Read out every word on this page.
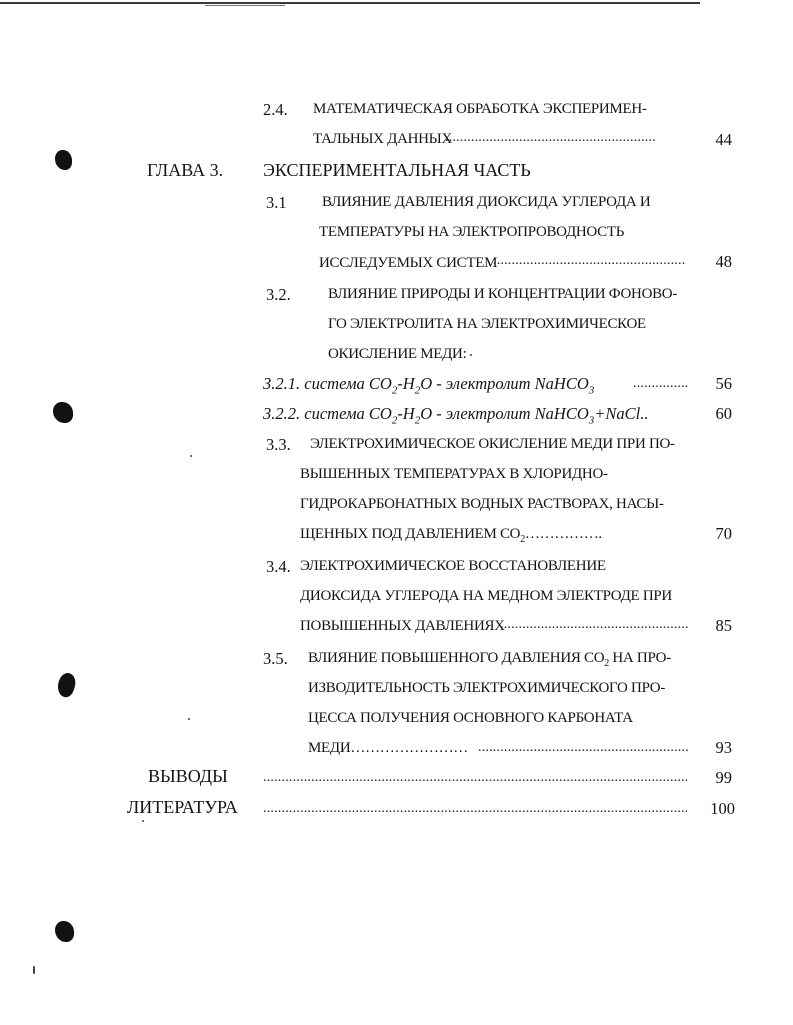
2.4. МАТЕМАТИЧЕСКАЯ ОБРАБОТКА ЭКСПЕРИМЕН-
ТАЛЬНЫХ ДАННЫХ .....	44
ГЛАВА 3. ЭКСПЕРИМЕНТАЛЬНАЯ ЧАСТЬ
3.1 ВЛИЯНИЕ ДАВЛЕНИЯ ДИОКСИДА УГЛЕРОДА И
ТЕМПЕРАТУРЫ НА ЭЛЕКТРОПРОВОДНОСТЬ
ИССЛЕДУЕМЫХ СИСТЕМ .....	48
3.2. ВЛИЯНИЕ ПРИРОДЫ И КОНЦЕНТРАЦИИ ФОНОВО-
ГО ЭЛЕКТРОЛИТА НА ЭЛЕКТРОХИМИЧЕСКОЕ
ОКИСЛЕНИЕ МЕДИ:
3.2.1. система $CO_2-H_2O$ - электролит NaHCO$_3$ .....	56
3.2.2. система $CO_2-H_2O$ - электролит NaHCO$_3$+NaCl..	60
3.3. ЭЛЕКТРОХИМИЧЕСКОЕ ОКИСЛЕНИЕ МЕДИ ПРИ ПО-
ВЫШЕННЫХ ТЕМПЕРАТУРАХ В ХЛОРИДНО-
ГИДРОКАРБОНАТНЫХ ВОДНЫХ РАСТВОРАХ, НАСЫ-
ЩЕННЫХ ПОД ДАВЛЕНИЕМ $CO_2\dots\dots\dots\dots\dots$.	70
3.4. ЭЛЕКТРОХИМИЧЕСКОЕ ВОССТАНОВЛЕНИЕ
ДИОКСИДА УГЛЕРОДА НА МЕДНОМ ЭЛЕКТРОДЕ ПРИ
ПОВЫШЕННЫХ ДАВЛЕНИЯХ .....	85
3.5. ВЛИЯНИЕ ПОВЫШЕННОГО ДАВЛЕНИЯ $CO_2$ НА ПРО-
ИЗВОДИТЕЛЬНОСТЬ ЭЛЕКТРОХИМИЧЕСКОГО ПРО-
ЦЕССА ПОЛУЧЕНИЯ ОСНОВНОГО КАРБОНАТА
МЕДИ…………………… .....	93
ВЫВОДЫ .....	99
ЛИТЕРАТУРА .....	100
